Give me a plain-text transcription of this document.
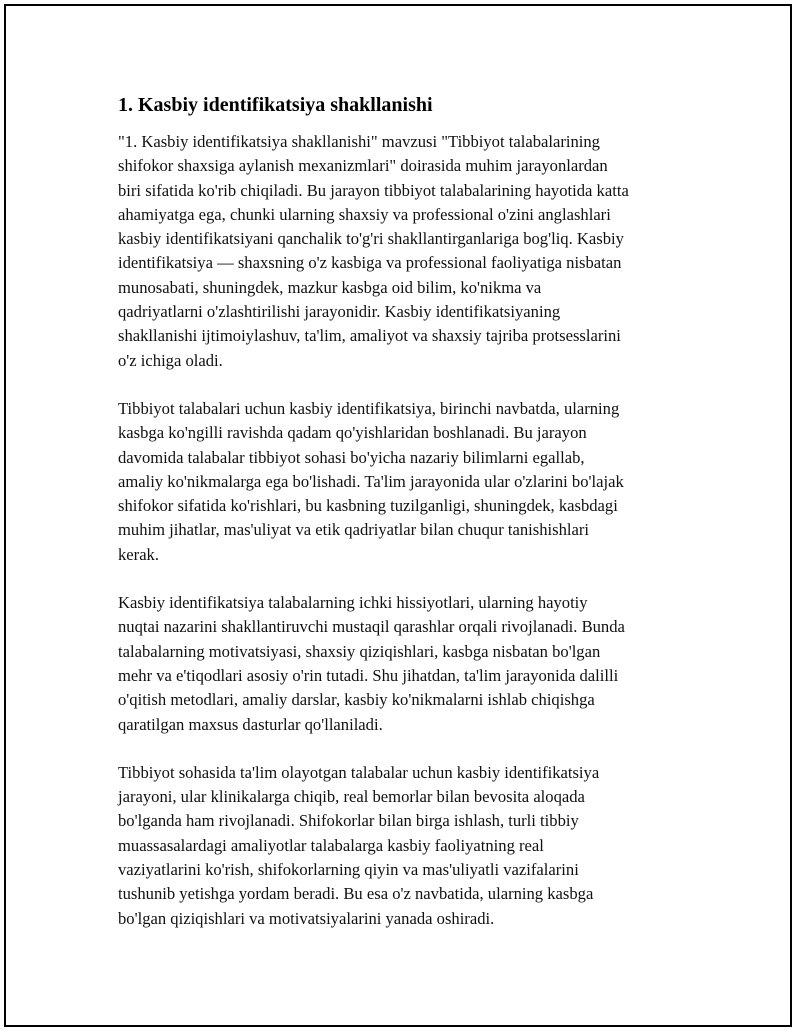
1. Kasbiy identifikatsiya shakllanishi

"1. Kasbiy identifikatsiya shakllanishi" mavzusi "Tibbiyot talabalarining
shifokor shaxsiga aylanish mexanizmlari" doirasida muhim jarayonlardan
biri sifatida ko'rib chiqiladi. Bu jarayon tibbiyot talabalarining hayotida katta
ahamiyatga ega, chunki ularning shaxsiy va professional o'zini anglashlari
kasbiy identifikatsiyani qanchalik to'g'ri shakllantirganlariga bog'liq. Kasbiy
identifikatsiya — shaxsning o'z kasbiga va professional faoliyatiga nisbatan
munosabati, shuningdek, mazkur kasbga oid bilim, ko'nikma va
qadriyatlarni o'zlashtirilishi jarayonidir. Kasbiy identifikatsiyaning
shakllanishi ijtimoiylashuv, ta'lim, amaliyot va shaxsiy tajriba protsesslarini
o'z ichiga oladi.

Tibbiyot talabalari uchun kasbiy identifikatsiya, birinchi navbatda, ularning
kasbga ko'ngilli ravishda qadam qo'yishlaridan boshlanadi. Bu jarayon
davomida talabalar tibbiyot sohasi bo'yicha nazariy bilimlarni egallab,
amaliy ko'nikmalarga ega bo'lishadi. Ta'lim jarayonida ular o'zlarini bo'lajak
shifokor sifatida ko'rishlari, bu kasbning tuzilganligi, shuningdek, kasbdagi
muhim jihatlar, mas'uliyat va etik qadriyatlar bilan chuqur tanishishlari
kerak.

Kasbiy identifikatsiya talabalarning ichki hissiyotlari, ularning hayotiy
nuqtai nazarini shakllantiruvchi mustaqil qarashlar orqali rivojlanadi. Bunda
talabalarning motivatsiyasi, shaxsiy qiziqishlari, kasbga nisbatan bo'lgan
mehr va e'tiqodlari asosiy o'rin tutadi. Shu jihatdan, ta'lim jarayonida dalilli
o'qitish metodlari, amaliy darslar, kasbiy ko'nikmalarni ishlab chiqishga
qaratilgan maxsus dasturlar qo'llaniladi.

Tibbiyot sohasida ta'lim olayotgan talabalar uchun kasbiy identifikatsiya
jarayoni, ular klinikalarga chiqib, real bemorlar bilan bevosita aloqada
bo'lganda ham rivojlanadi. Shifokorlar bilan birga ishlash, turli tibbiy
muassasalardagi amaliyotlar talabalarga kasbiy faoliyatning real
vaziyatlarini ko'rish, shifokorlarning qiyin va mas'uliyatli vazifalarini
tushunib yetishga yordam beradi. Bu esa o'z navbatida, ularning kasbga
bo'lgan qiziqishlari va motivatsiyalarini yanada oshiradi.
